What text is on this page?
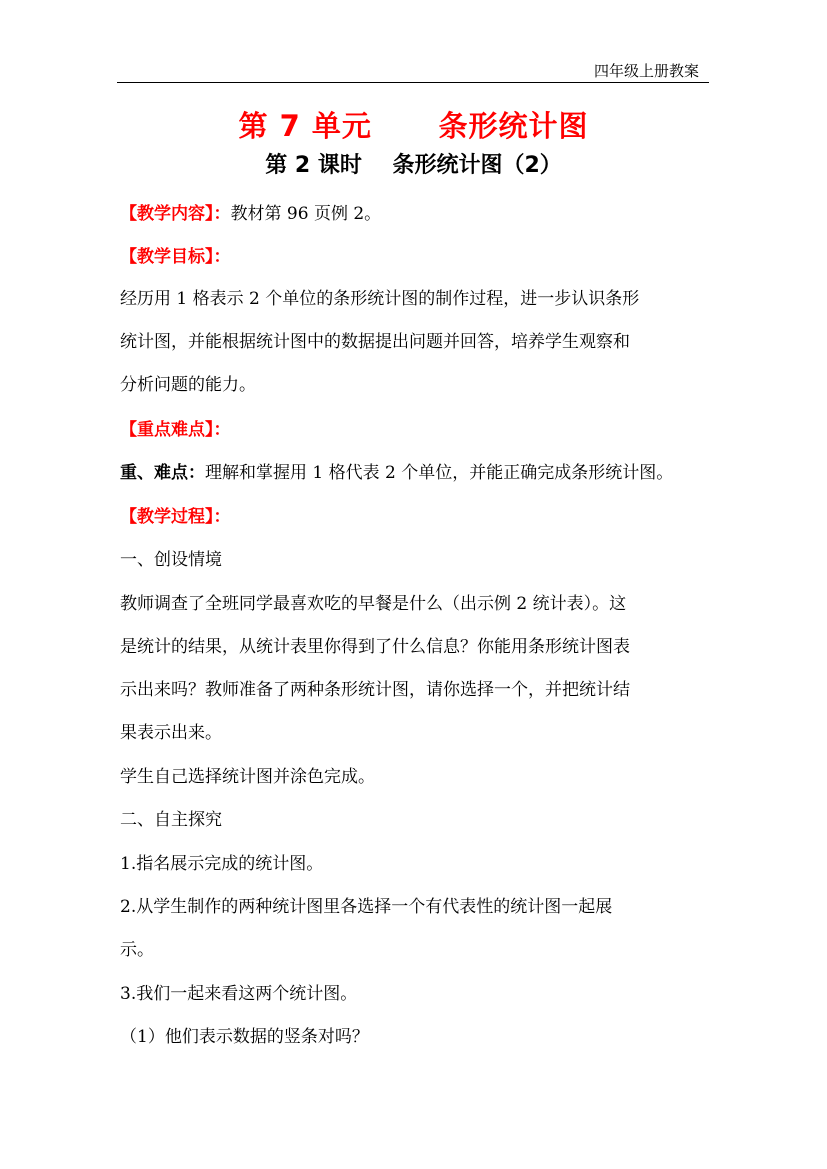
四年级上册教案
第 7 单元      条形统计图
第 2 课时    条形统计图（2）
【教学内容】：教材第 96 页例 2。
【教学目标】：
经历用 1 格表示 2 个单位的条形统计图的制作过程，进一步认识条形
统计图，并能根据统计图中的数据提出问题并回答，培养学生观察和
分析问题的能力。
【重点难点】：
重、难点：理解和掌握用 1 格代表 2 个单位，并能正确完成条形统计图。
【教学过程】：
一、创设情境
教师调查了全班同学最喜欢吃的早餐是什么（出示例 2 统计表）。这
是统计的结果，从统计表里你得到了什么信息？你能用条形统计图表
示出来吗？教师准备了两种条形统计图，请你选择一个，并把统计结
果表示出来。
学生自己选择统计图并涂色完成。
二、自主探究
1.指名展示完成的统计图。
2.从学生制作的两种统计图里各选择一个有代表性的统计图一起展
示。
3.我们一起来看这两个统计图。
（1）他们表示数据的竖条对吗？
